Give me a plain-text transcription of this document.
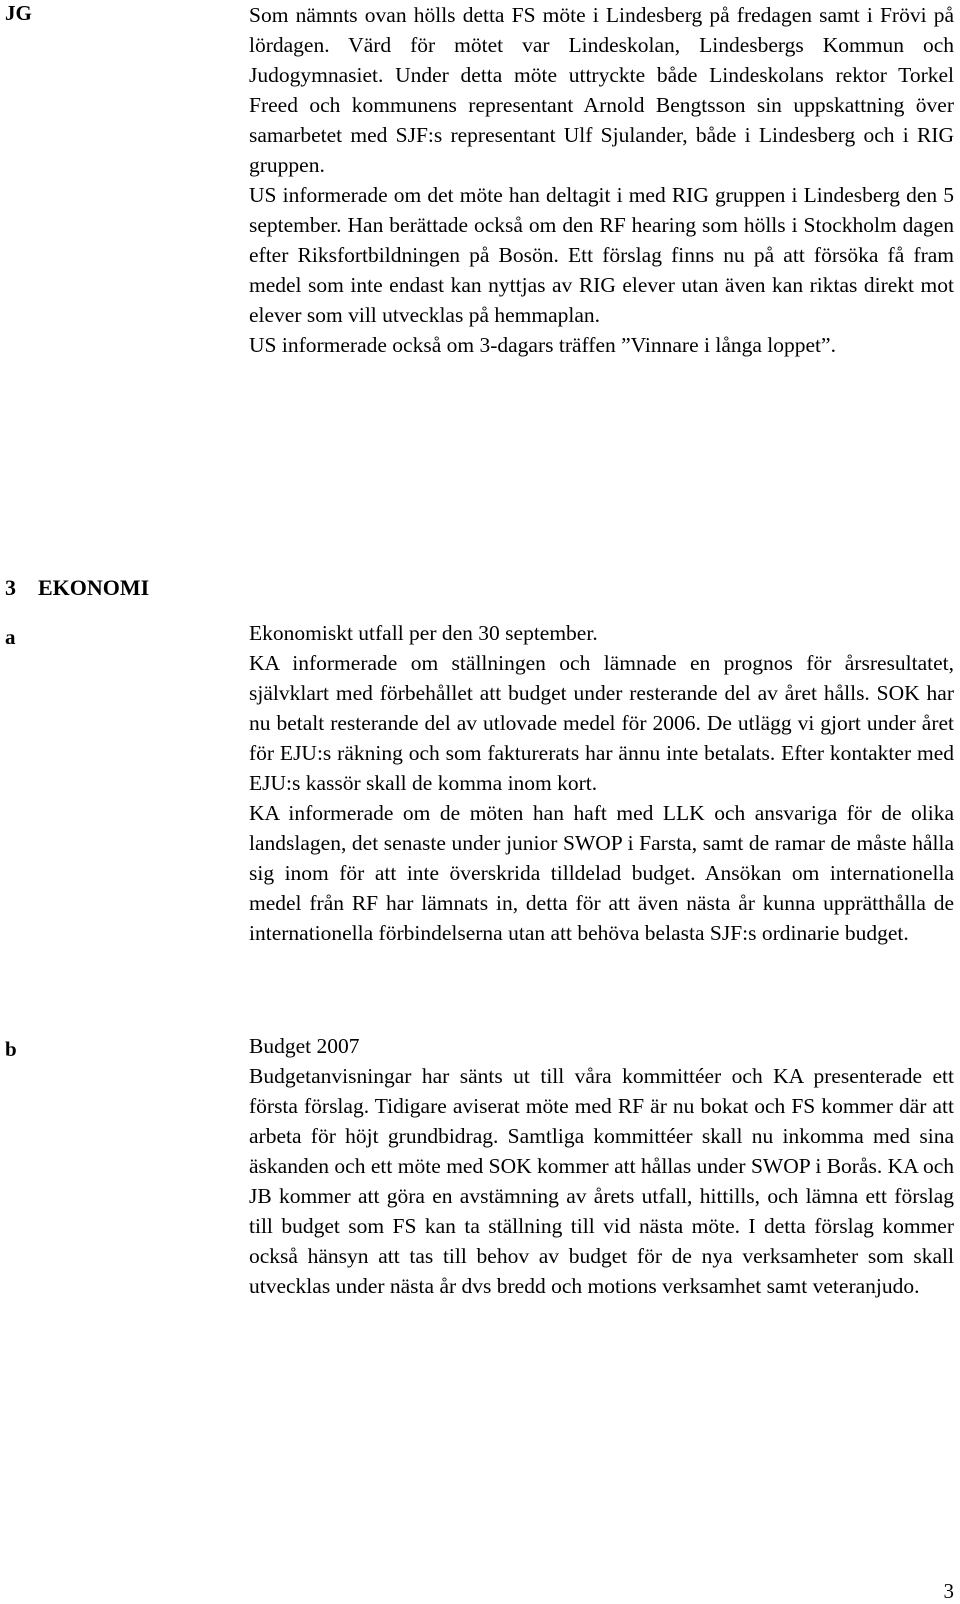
JG	Som nämnts ovan hölls detta FS möte i Lindesberg på fredagen samt i Frövi på lördagen. Värd för mötet var Lindeskolan, Lindesbergs Kommun och Judogymnasiet. Under detta möte uttryckte både Lindeskolans rektor Torkel Freed och kommunens representant Arnold Bengtsson sin uppskattning över samarbetet med SJF:s representant Ulf Sjulander, både i Lindesberg och i RIG gruppen.

US informerade om det möte han deltagit i med RIG gruppen i Lindesberg den 5 september. Han berättade också om den RF hearing som hölls i Stockholm dagen efter Riksfortbildningen på Bosön. Ett förslag finns nu på att försöka få fram medel som inte endast kan nyttjas av RIG elever utan även kan riktas direkt mot elever som vill utvecklas på hemmaplan.

US informerade också om 3-dagars träffen ”Vinnare i långa loppet”.

3 EKONOMI
a	Ekonomiskt utfall per den 30 september.

KA informerade om ställningen och lämnade en prognos för årsresultatet, självklart med förbehållet att budget under resterande del av året hålls. SOK har nu betalt resterande del av utlovade medel för 2006. De utlägg vi gjort under året för EJU:s räkning och som fakturerats har ännu inte betalats. Efter kontakter med EJU:s kassör skall de komma inom kort.

KA informerade om de möten han haft med LLK och ansvariga för de olika landslagen, det senaste under junior SWOP i Farsta, samt de ramar de måste hålla sig inom för att inte överskrida tilldelad budget. Ansökan om internationella medel från RF har lämnats in, detta för att även nästa år kunna upprätthålla de internationella förbindelserna utan att behöva belasta SJF:s ordinarie budget.

b	Budget 2007

Budgetanvisningar har sänts ut till våra kommittéer och KA presenterade ett första förslag. Tidigare aviserat möte med RF är nu bokat och FS kommer där att arbeta för höjt grundbidrag. Samtliga kommittéer skall nu inkomma med sina äskanden och ett möte med SOK kommer att hållas under SWOP i Borås. KA och JB kommer att göra en avstämning av årets utfall, hittills, och lämna ett förslag till budget som FS kan ta ställning till vid nästa möte. I detta förslag kommer också hänsyn att tas till behov av budget för de nya verksamheter som skall utvecklas under nästa år dvs bredd och motions verksamhet samt veteranjudo.

3
